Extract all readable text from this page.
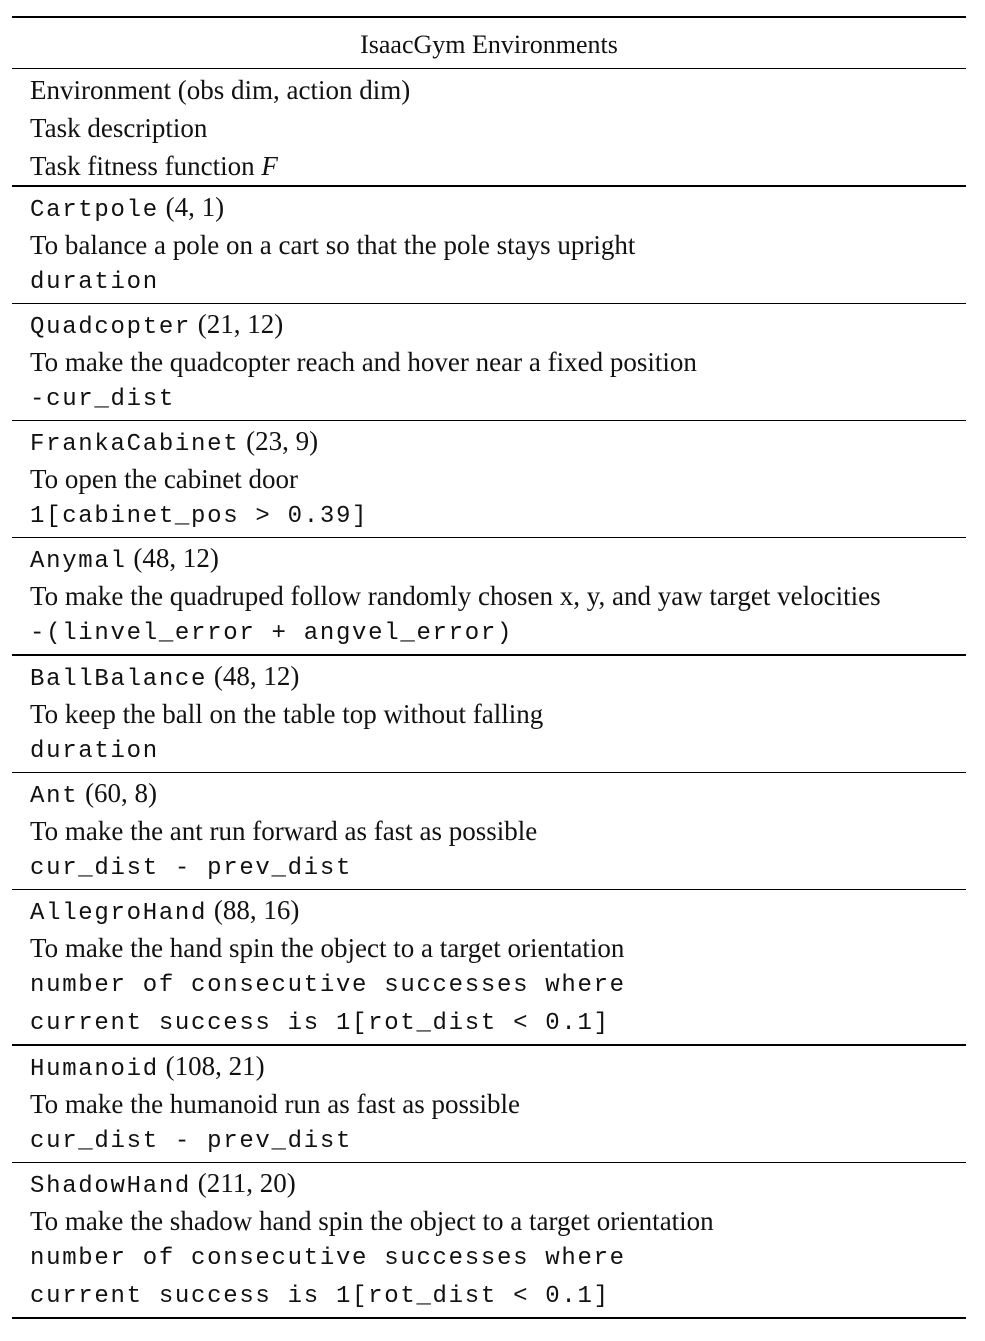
IsaacGym Environments
Environment (obs dim, action dim)
Task description
Task fitness function F
Cartpole (4, 1)
To balance a pole on a cart so that the pole stays upright
duration
Quadcopter (21, 12)
To make the quadcopter reach and hover near a fixed position
-cur_dist
FrankaCabinet (23, 9)
To open the cabinet door
1[cabinet_pos > 0.39]
Anymal (48, 12)
To make the quadruped follow randomly chosen x, y, and yaw target velocities
-(linvel_error + angvel_error)
BallBalance (48, 12)
To keep the ball on the table top without falling
duration
Ant (60, 8)
To make the ant run forward as fast as possible
cur_dist - prev_dist
AllegroHand (88, 16)
To make the hand spin the object to a target orientation
number of consecutive successes where
current success is 1[rot_dist < 0.1]
Humanoid (108, 21)
To make the humanoid run as fast as possible
cur_dist - prev_dist
ShadowHand (211, 20)
To make the shadow hand spin the object to a target orientation
number of consecutive successes where
current success is 1[rot_dist < 0.1]
